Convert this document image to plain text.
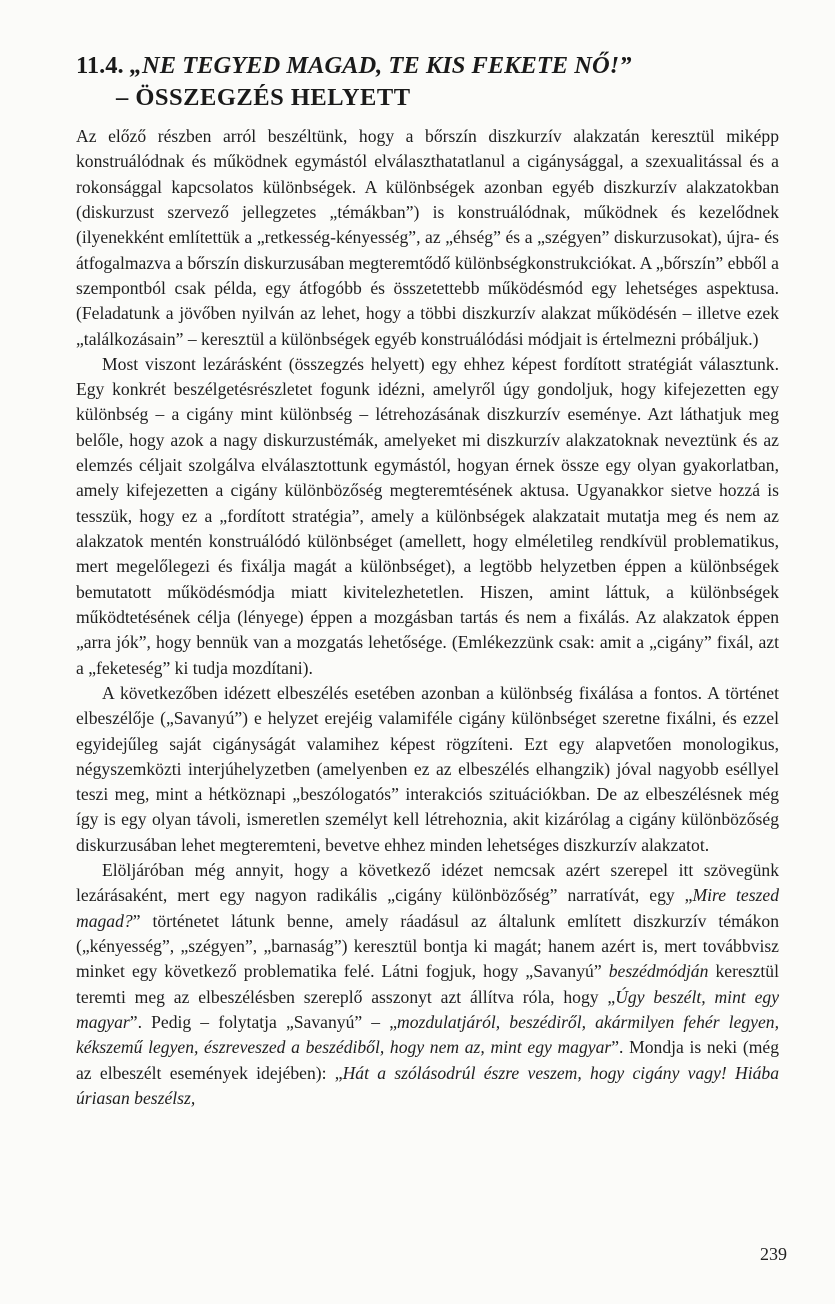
11.4. „NE TEGYED MAGAD, TE KIS FEKETE NŐ!”
– ÖSSZEGZÉS HELYETT

Az előző részben arról beszéltünk, hogy a bőrszín diszkurzív alakzatán keresztül miképp konstruálódnak és működnek egymástól elválaszthatatlanul a cigánysággal, a szexualitással és a rokonsággal kapcsolatos különbségek. A különbségek azonban egyéb diszkurzív alakzatokban (diskurzust szervező jellegzetes „témákban”) is konstruálódnak, működnek és kezelődnek (ilyenekként említettük a „retkesség-kényesség”, az „éhség” és a „szégyen” diskurzusokat), újra- és átfogalmazva a bőrszín diskurzusában megteremtődő különbségkonstrukciókat. A „bőrszín” ebből a szempontból csak példa, egy átfogóbb és összetettebb működésmód egy lehetséges aspektusa. (Feladatunk a jövőben nyilván az lehet, hogy a többi diszkurzív alakzat működésén – illetve ezek „találkozásain” – keresztül a különbségek egyéb konstruálódási módjait is értelmezni próbáljuk.)

Most viszont lezárásként (összegzés helyett) egy ehhez képest fordított stratégiát választunk. Egy konkrét beszélgetésrészletet fogunk idézni, amelyről úgy gondoljuk, hogy kifejezetten egy különbség – a cigány mint különbség – létrehozásának diszkurzív eseménye. Azt láthatjuk meg belőle, hogy azok a nagy diskurzustémák, amelyeket mi diszkurzív alakzatoknak neveztünk és az elemzés céljait szolgálva elválasztottunk egymástól, hogyan érnek össze egy olyan gyakorlatban, amely kifejezetten a cigány különbözőség megteremtésének aktusa. Ugyanakkor sietve hozzá is tesszük, hogy ez a „fordított stratégia”, amely a különbségek alakzatait mutatja meg és nem az alakzatok mentén konstruálódó különbséget (amellett, hogy elméletileg rendkívül problematikus, mert megelőlegezi és fixálja magát a különbséget), a legtöbb helyzetben éppen a különbségek bemutatott működésmódja miatt kivitelezhetetlen. Hiszen, amint láttuk, a különbségek működtetésének célja (lényege) éppen a mozgásban tartás és nem a fixálás. Az alakzatok éppen „arra jók”, hogy bennük van a mozgatás lehetősége. (Emlékezzünk csak: amit a „cigány” fixál, azt a „feketeség” ki tudja mozdítani).

A következőben idézett elbeszélés esetében azonban a különbség fixálása a fontos. A történet elbeszélője („Savanyú”) e helyzet erejéig valamiféle cigány különbséget szeretne fixálni, és ezzel egyidejűleg saját cigányságát valamihez képest rögzíteni. Ezt egy alapvetően monologikus, négyszemközti interjúhelyzetben (amelyenben ez az elbeszélés elhangzik) jóval nagyobb eséllyel teszi meg, mint a hétköznapi „beszólogatós” interakciós szituációkban. De az elbeszélésnek még így is egy olyan távoli, ismeretlen személyt kell létrehoznia, akit kizárólag a cigány különbözőség diskurzusában lehet megteremteni, bevetve ehhez minden lehetséges diszkurzív alakzatot.

Elöljáróban még annyit, hogy a következő idézet nemcsak azért szerepel itt szövegünk lezárásaként, mert egy nagyon radikális „cigány különbözőség” narratívát, egy „Mire teszed magad?” történetet látunk benne, amely ráadásul az általunk említett diszkurzív témákon („kényesség”, „szégyen”, „barnaság”) keresztül bontja ki magát; hanem azért is, mert továbbvisz minket egy következő problematika felé. Látni fogjuk, hogy „Savanyú” beszédmódján keresztül teremti meg az elbeszélésben szereplő asszonyt azt állítva róla, hogy „Úgy beszélt, mint egy magyar”. Pedig – folytatja „Savanyú” – „mozdulatjáról, beszédiről, akármilyen fehér legyen, kékszemű legyen, észreveszed a beszédiből, hogy nem az, mint egy magyar”. Mondja is neki (még az elbeszélt események idejében): „Hát a szólásodrúl észre veszem, hogy cigány vagy! Hiába úriasan beszélsz,

239
